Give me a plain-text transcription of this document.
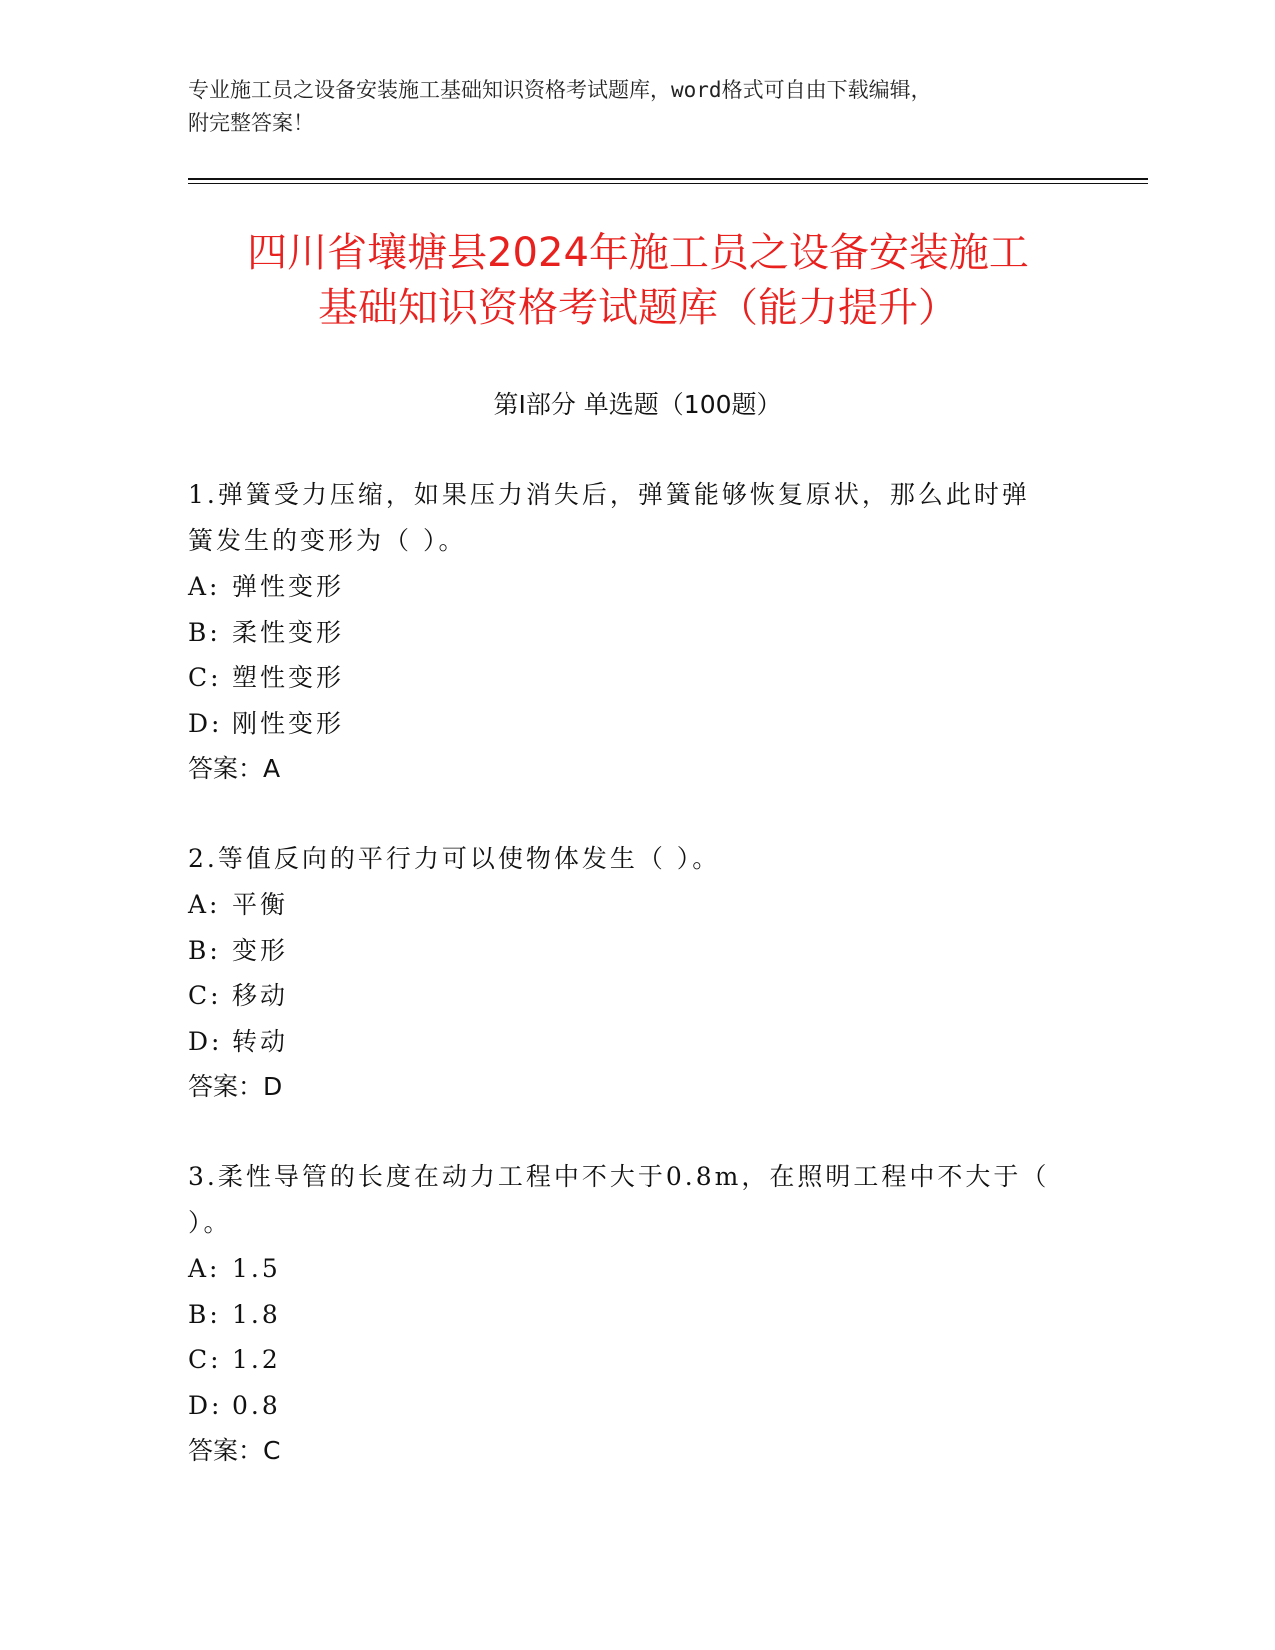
专业施工员之设备安装施工基础知识资格考试题库，word格式可自由下载编辑，
附完整答案！
四川省壤塘县2024年施工员之设备安装施工
基础知识资格考试题库（能力提升）
第Ⅰ部分 单选题（100题）
1.弹簧受力压缩，如果压力消失后，弹簧能够恢复原状，那么此时弹
簧发生的变形为（ ）。
A: 弹性变形
B: 柔性变形
C: 塑性变形
D: 刚性变形
答案：A
2.等值反向的平行力可以使物体发生（ ）。
A: 平衡
B: 变形
C: 移动
D: 转动
答案：D
3.柔性导管的长度在动力工程中不大于0.8m，在照明工程中不大于（
）。
A: 1.5
B: 1.8
C: 1.2
D: 0.8
答案：C
